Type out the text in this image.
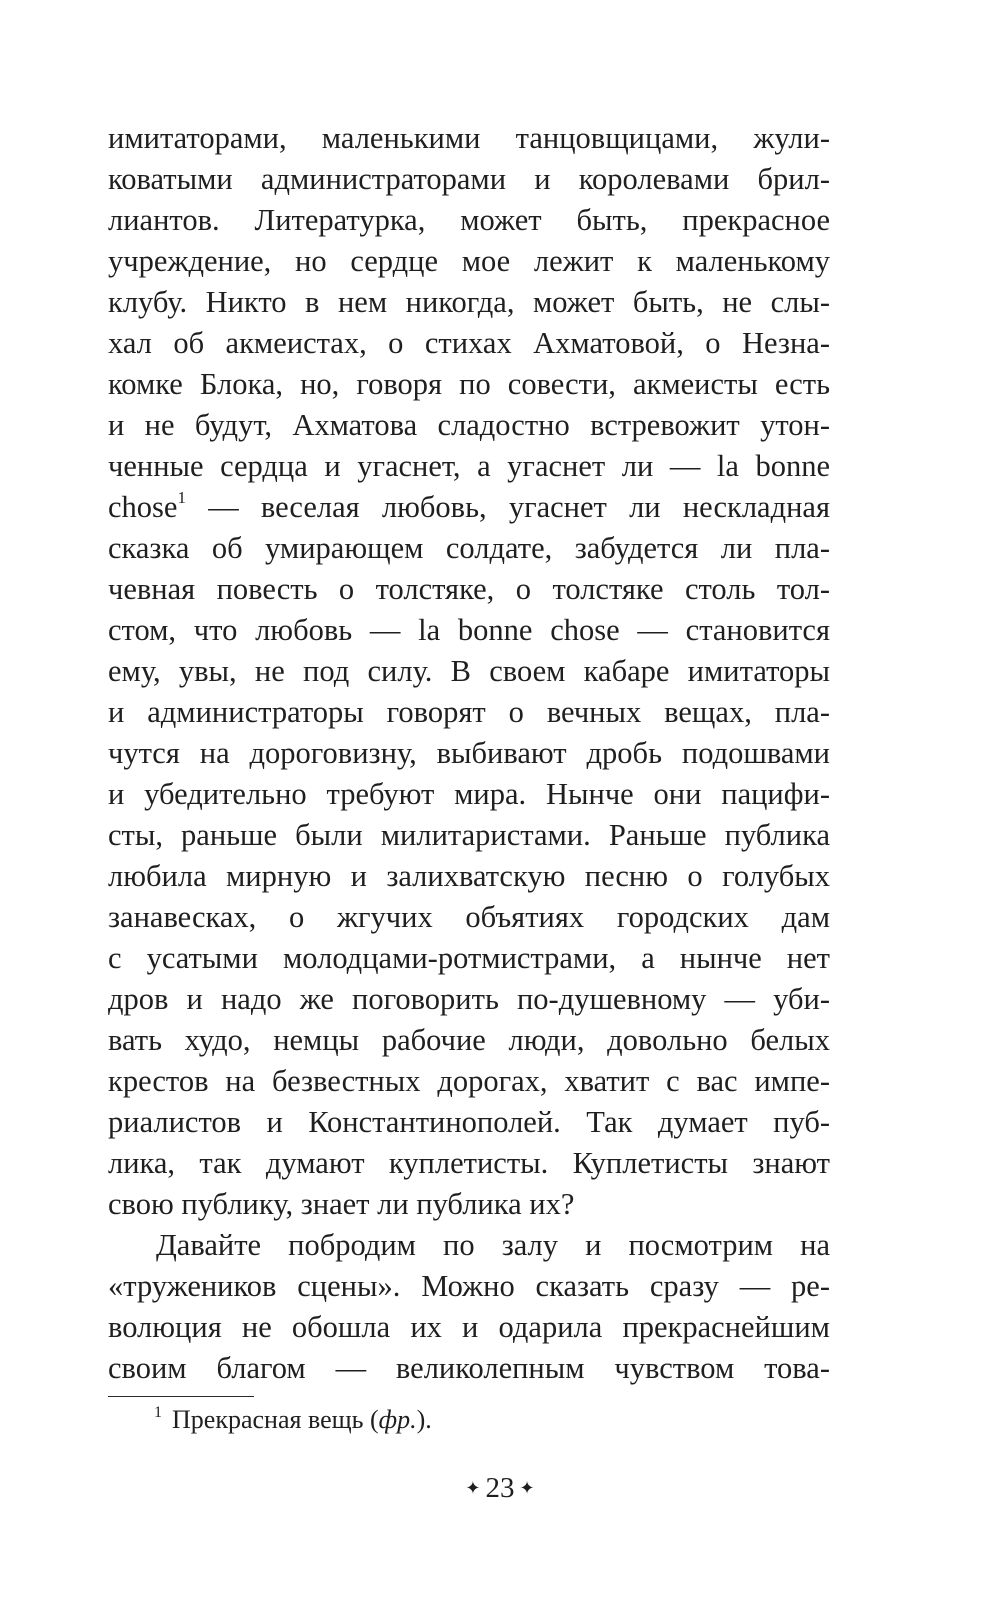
имитаторами, маленькими танцовщицами, жули-
коватыми администраторами и королевами брил-
лиантов. Литературка, может быть, прекрасное
учреждение, но сердце мое лежит к маленькому
клубу. Никто в нем никогда, может быть, не слы-
хал об акмеистах, о стихах Ахматовой, о Незна-
комке Блока, но, говоря по совести, акмеисты есть
и не будут, Ахматова сладостно встревожит утон-
ченные сердца и угаснет, а угаснет ли — la bonne
chose$^1$ — веселая любовь, угаснет ли нескладная
сказка об умирающем солдате, забудется ли пла-
чевная повесть о толстяке, о толстяке столь тол-
стом, что любовь — la bonne chose — становится
ему, увы, не под силу. В своем кабаре имитаторы
и администраторы говорят о вечных вещах, пла-
чутся на дороговизну, выбивают дробь подошвами
и убедительно требуют мира. Нынче они пацифи-
сты, раньше были милитаристами. Раньше публика
любила мирную и залихватскую песню о голубых
занавесках, о жгучих объятиях городских дам
с усатыми молодцами-ротмистрами, а нынче нет
дров и надо же поговорить по-душевному — уби-
вать худо, немцы рабочие люди, довольно белых
крестов на безвестных дорогах, хватит с вас импе-
риалистов и Константинополей. Так думает пуб-
лика, так думают куплетисты. Куплетисты знают
свою публику, знает ли публика их?
Давайте побродим по залу и посмотрим на
«тружеников сцены». Можно сказать сразу — ре-
волюция не обошла их и одарила прекраснейшим
своим благом — великолепным чувством това-
$^1$ Прекрасная вещь (фр.).
✦ 23 ✦
